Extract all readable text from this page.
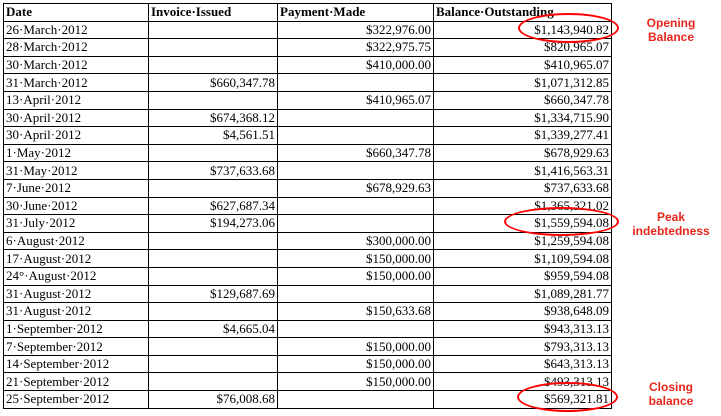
Date	Invoice·Issued	Payment·Made	Balance·Outstanding
26·March·2012		$322,976.00	$1,143,940.82
28·March·2012		$322,975.75	$820,965.07
30·March·2012		$410,000.00	$410,965.07
31·March·2012	$660,347.78		$1,071,312.85
13·April·2012		$410,965.07	$660,347.78
30·April·2012	$674,368.12		$1,334,715.90
30·April·2012	$4,561.51		$1,339,277.41
1·May·2012		$660,347.78	$678,929.63
31·May·2012	$737,633.68		$1,416,563.31
7·June·2012		$678,929.63	$737,633.68
30·June·2012	$627,687.34		$1,365,321.02
31·July·2012	$194,273.06		$1,559,594.08
6·August·2012		$300,000.00	$1,259,594.08
17·August·2012		$150,000.00	$1,109,594.08
24°·August·2012		$150,000.00	$959,594.08
31·August·2012	$129,687.69		$1,089,281.77
31·August·2012		$150,633.68	$938,648.09
1·September·2012	$4,665.04		$943,313.13
7·September·2012		$150,000.00	$793,313.13
14·September·2012		$150,000.00	$643,313.13
21·September·2012		$150,000.00	$493,313.13
25·September·2012	$76,008.68		$569,321.81
Opening
Balance
Peak
indebtedness
Closing
balance
